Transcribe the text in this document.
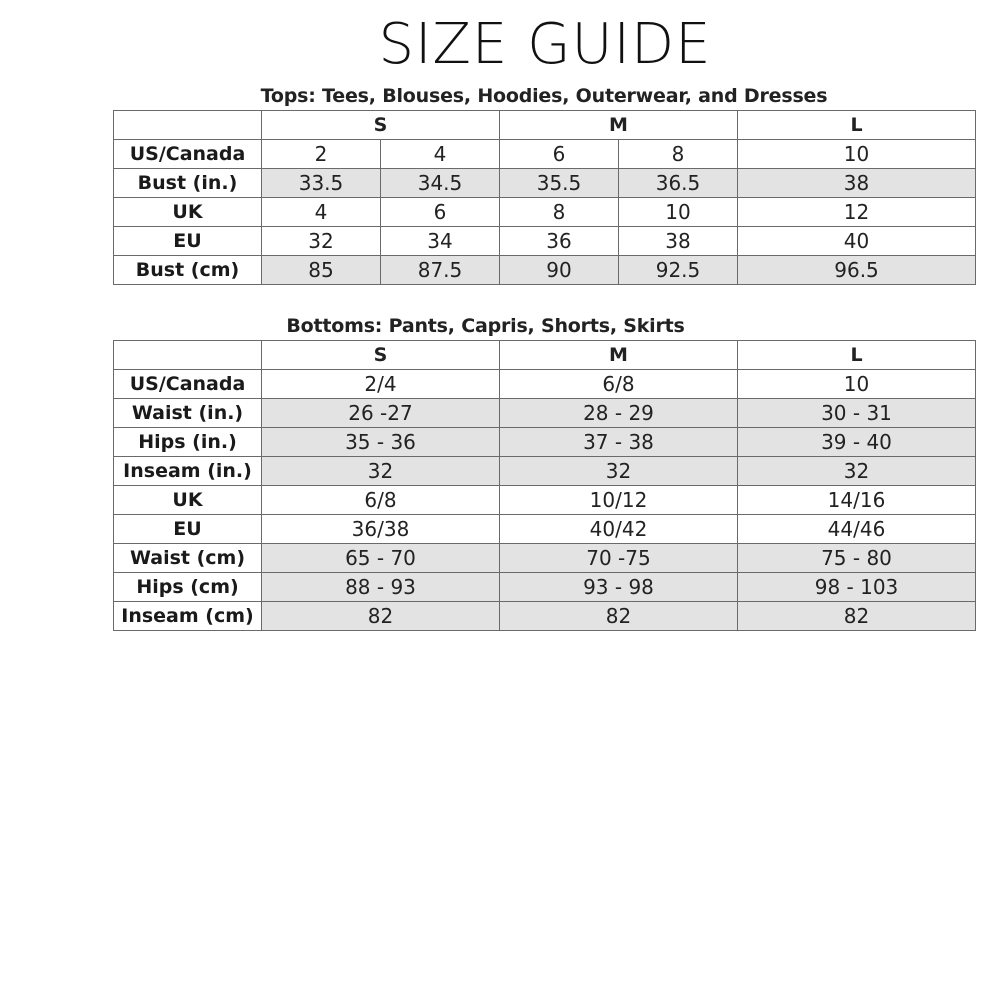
SIZE GUIDE
Tops: Tees, Blouses, Hoodies, Outerwear, and Dresses
	S		M		L
US/Canada	2	4	6	8	10
Bust (in.)	33.5	34.5	35.5	36.5	38
UK	4	6	8	10	12
EU	32	34	36	38	40
Bust (cm)	85	87.5	90	92.5	96.5
Bottoms: Pants, Capris, Shorts, Skirts
	S	M	L
US/Canada	2/4	6/8	10
Waist (in.)	26 -27	28 - 29	30 - 31
Hips (in.)	35 - 36	37 - 38	39 - 40
Inseam (in.)	32	32	32
UK	6/8	10/12	14/16
EU	36/38	40/42	44/46
Waist (cm)	65 - 70	70 -75	75 - 80
Hips (cm)	88 - 93	93 - 98	98 - 103
Inseam (cm)	82	82	82
